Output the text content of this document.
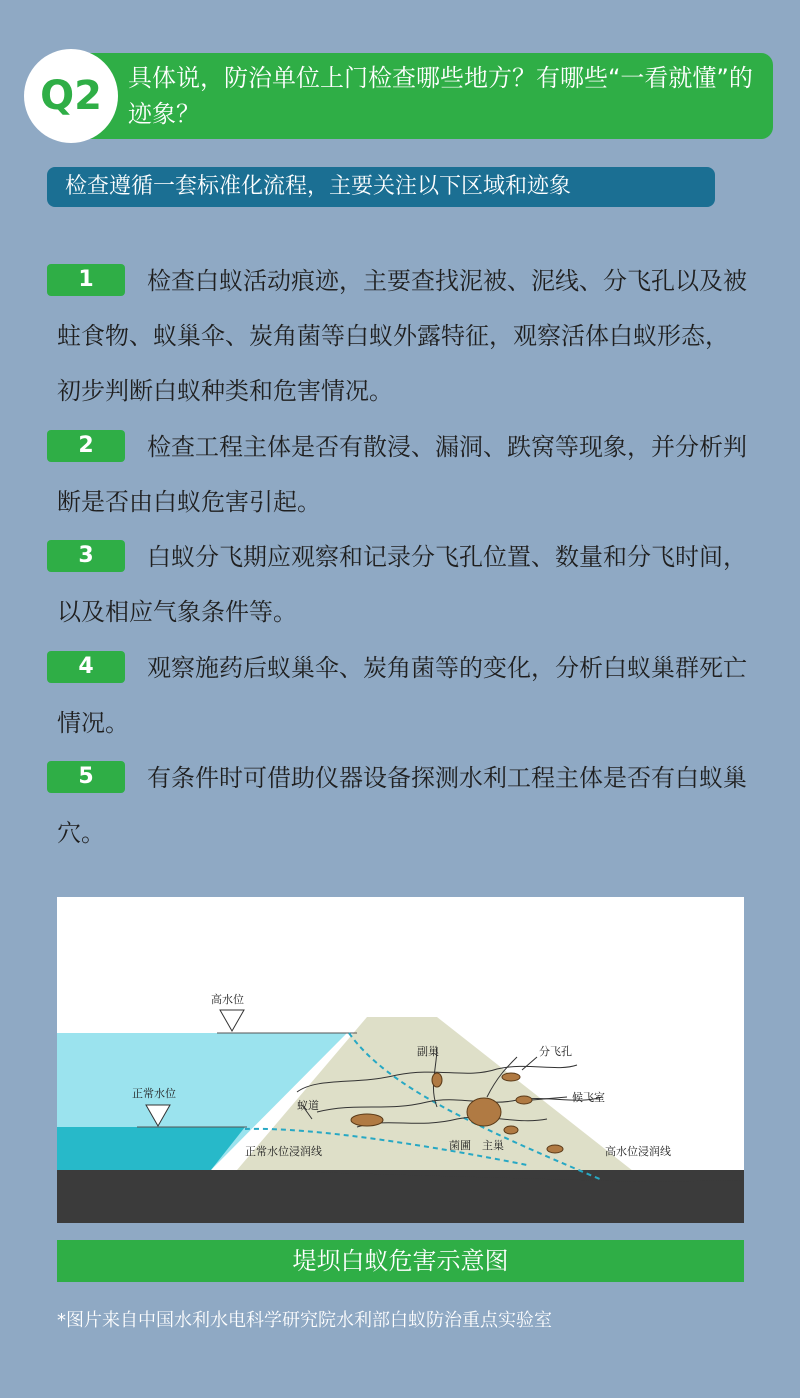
Q2 具体说，防治单位上门检查哪些地方？有哪些“一看就懂”的迹象？
检查遵循一套标准化流程，主要关注以下区域和迹象
1	检查白蚁活动痕迹，主要查找泥被、泥线、分飞孔以及被蛀食物、蚁巢伞、炭角菌等白蚁外露特征，观察活体白蚁形态，初步判断白蚁种类和危害情况。
2	检查工程主体是否有散浸、漏洞、跌窝等现象，并分析判断是否由白蚁危害引起。
3	白蚁分飞期应观察和记录分飞孔位置、数量和分飞时间，以及相应气象条件等。
4	观察施药后蚁巢伞、炭角菌等的变化，分析白蚁巢群死亡情况。
5	有条件时可借助仪器设备探测水利工程主体是否有白蚁巢穴。
高水位
正常水位
副巢	分飞孔
候飞室
蚁道
菌圃 主巢
正常水位浸润线	高水位浸润线
堤坝白蚁危害示意图
*图片来自中国水利水电科学研究院水利部白蚁防治重点实验室
